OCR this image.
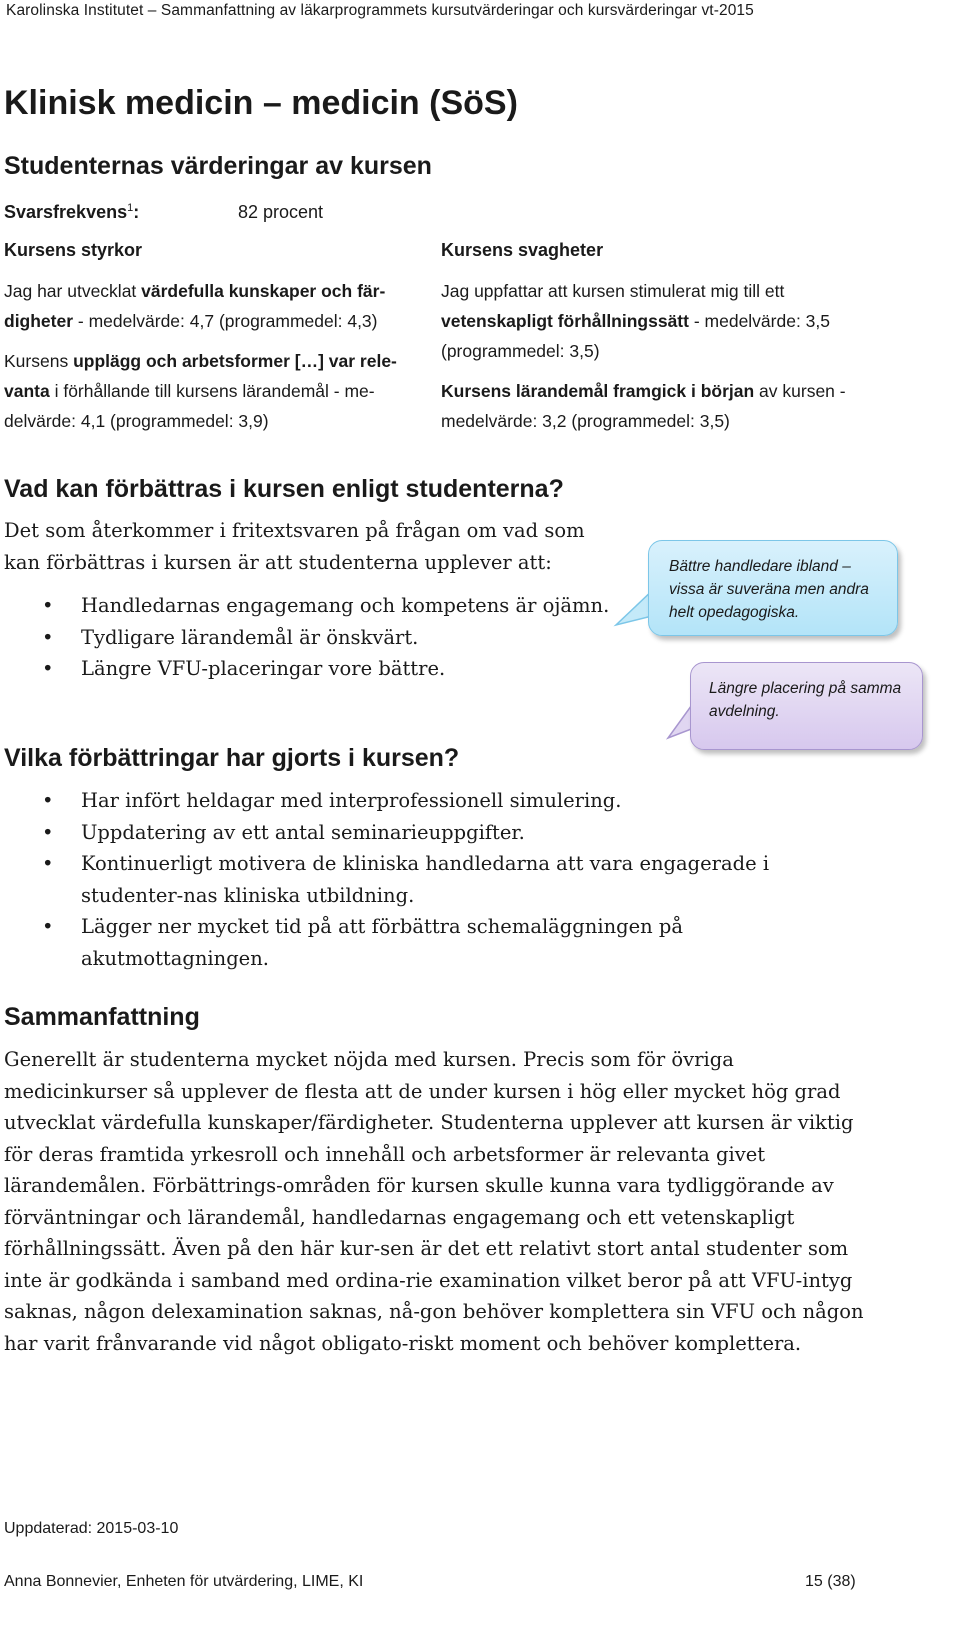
Karolinska Institutet – Sammanfattning av läkarprogrammets kursutvärderingar och kursvärderingar vt-2015
Klinisk medicin – medicin (SöS)
Studenternas värderingar av kursen
Svarsfrekvens$^1$:	82 procent
Kursens styrkor

Jag har utvecklat värdefulla kunskaper och fär-digheter - medelvärde: 4,7 (programmedel: 4,3)

Kursens upplägg och arbetsformer […] var rele-vanta i förhållande till kursens lärandemål - me-delvärde: 4,1 (programmedel: 3,9)

Kursens svagheter

Jag uppfattar att kursen stimulerat mig till ett vetenskapligt förhållningssätt - medelvärde: 3,5 (programmedel: 3,5)

Kursens lärandemål framgick i början av kursen - medelvärde: 3,2 (programmedel: 3,5)

Vad kan förbättras i kursen enligt studenterna?
Det som återkommer i fritextsvaren på frågan om vad som kan förbättras i kursen är att studenterna upplever att:
• Handledarnas engagemang och kompetens är ojämn.
• Tydligare lärandemål är önskvärt.
• Längre VFU-placeringar vore bättre.
Bättre handledare ibland – vissa är suveräna men andra helt opedagogiska.
Längre placering på samma avdelning.
Vilka förbättringar har gjorts i kursen?
• Har infört heldagar med interprofessionell simulering.
• Uppdatering av ett antal seminarieuppgifter.
• Kontinuerligt motivera de kliniska handledarna att vara engagerade i studenter-nas kliniska utbildning.
• Lägger ner mycket tid på att förbättra schemaläggningen på akutmottagningen.
Sammanfattning
Generellt är studenterna mycket nöjda med kursen. Precis som för övriga medicinkurser så upplever de flesta att de under kursen i hög eller mycket hög grad utvecklat värdefulla kunskaper/färdigheter. Studenterna upplever att kursen är viktig för deras framtida yrkesroll och innehåll och arbetsformer är relevanta givet lärandemålen. Förbättrings-områden för kursen skulle kunna vara tydliggörande av förväntningar och lärandemål, handledarnas engagemang och ett vetenskapligt förhållningssätt. Även på den här kur-sen är det ett relativt stort antal studenter som inte är godkända i samband med ordina-rie examination vilket beror på att VFU-intyg saknas, någon delexamination saknas, nå-gon behöver komplettera sin VFU och någon har varit frånvarande vid något obligato-riskt moment och behöver komplettera.
Uppdaterad: 2015-03-10
Anna Bonnevier, Enheten för utvärdering, LIME, KI	15 (38)
